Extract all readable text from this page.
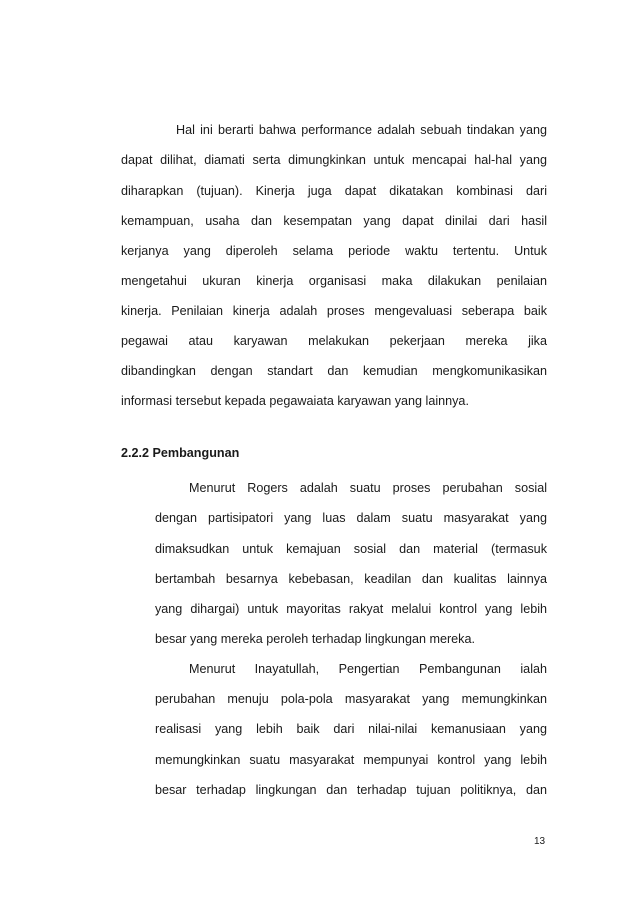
Hal ini berarti bahwa performance adalah sebuah tindakan yang

dapat dilihat, diamati serta dimungkinkan untuk mencapai hal-hal yang

diharapkan (tujuan). Kinerja juga dapat dikatakan kombinasi dari

kemampuan, usaha dan kesempatan yang dapat dinilai dari hasil

kerjanya yang diperoleh selama periode waktu tertentu. Untuk

mengetahui ukuran kinerja organisasi maka dilakukan penilaian

kinerja. Penilaian kinerja adalah proses mengevaluasi seberapa baik

pegawai atau karyawan melakukan pekerjaan mereka jika

dibandingkan dengan standart dan kemudian mengkomunikasikan

informasi tersebut kepada pegawaiata karyawan yang lainnya.

2.2.2 Pembangunan

Menurut Rogers adalah suatu proses perubahan sosial

dengan partisipatori yang luas dalam suatu masyarakat yang

dimaksudkan untuk kemajuan sosial dan material (termasuk

bertambah besarnya kebebasan, keadilan dan kualitas lainnya

yang dihargai) untuk mayoritas rakyat melalui kontrol yang lebih

besar yang mereka peroleh terhadap lingkungan mereka.

Menurut Inayatullah, Pengertian Pembangunan ialah

perubahan menuju pola-pola masyarakat yang memungkinkan

realisasi yang lebih baik dari nilai-nilai kemanusiaan yang

memungkinkan suatu masyarakat mempunyai kontrol yang lebih

besar terhadap lingkungan dan terhadap tujuan politiknya, dan

13
